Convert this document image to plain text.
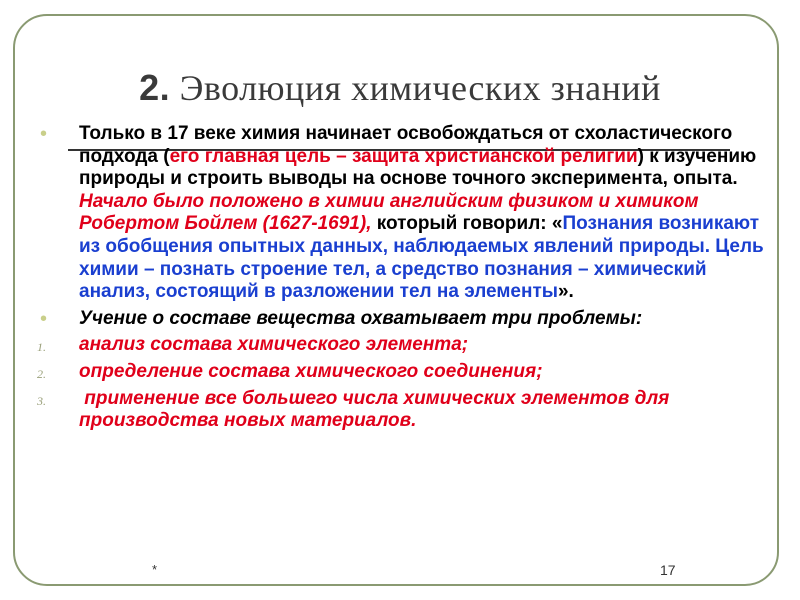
2. Эволюция химических знаний
• Только в 17 веке химия начинает освобождаться от схоластического подхода (его главная цель – защита христианской религии) к изучению природы и строить выводы на основе точного эксперимента, опыта. Начало было положено в химии английским физиком и химиком Робертом Бойлем (1627-1691), который говорил: «Познания возникают из обобщения опытных данных, наблюдаемых явлений природы. Цель химии – познать строение тел, а средство познания – химический анализ, состоящий в разложении тел на элементы».
• Учение о составе вещества охватывает три проблемы:
1. анализ состава химического элемента;
2. определение состава химического соединения;
3. применение все большего числа химических элементов для производства новых материалов.
*	17
